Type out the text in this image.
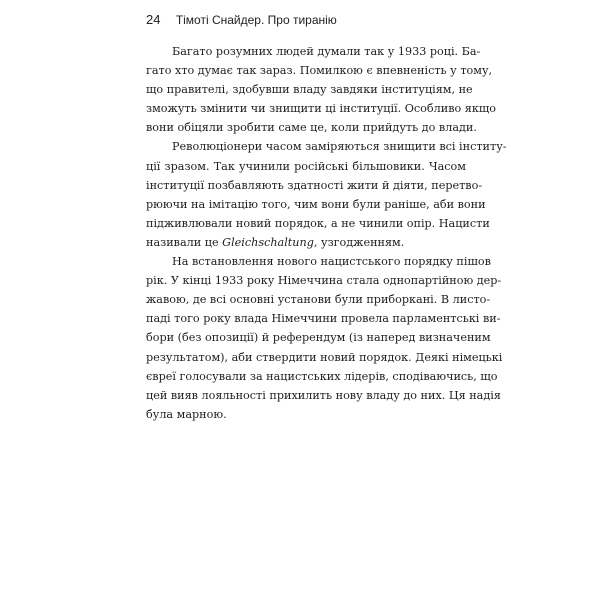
24 Тімоті Снайдер. Про тиранію

Багато розумних людей думали так у 1933 році. Ба-
гато хто думає так зараз. Помилкою є впевненість у тому,
що правителі, здобувши владу завдяки інституціям, не
зможуть змінити чи знищити ці інституції. Особливо якщо
вони обіцяли зробити саме це, коли прийдуть до влади.

Революціонери часом заміряються знищити всі інститу-
ції зразом. Так учинили російські більшовики. Часом
інституції позбавляють здатності жити й діяти, перетво-
рюючи на імітацію того, чим вони були раніше, аби вони
підживлювали новий порядок, а не чинили опір. Нацисти
називали це Gleichschaltung, узгодженням.

На встановлення нового нацистського порядку пішов
рік. У кінці 1933 року Німеччина стала однопартійною дер-
жавою, де всі основні установи були приборкані. В листо-
паді того року влада Німеччини провела парламентські ви-
бори (без опозиції) й референдум (із наперед визначеним
результатом), аби ствердити новий порядок. Деякі німецькі
євреї голосували за нацистських лідерів, сподіваючись, що
цей вияв лояльності прихилить нову владу до них. Ця надія
була марною.
